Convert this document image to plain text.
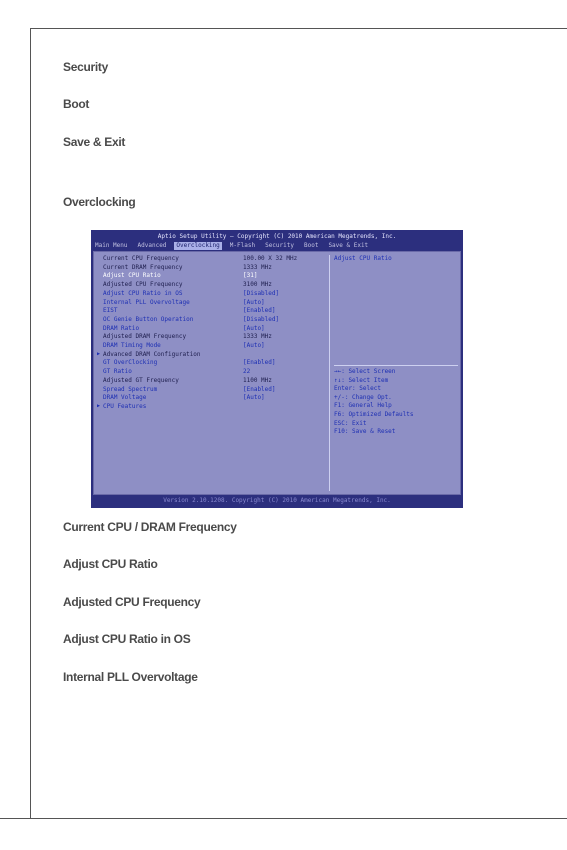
Security
Boot
Save & Exit
Overclocking
Aptio Setup Utility – Copyright (C) 2010 American Megatrends, Inc.
Main Menu	Advanced	Overclocking	M-Flash	Security	Boot	Save & Exit
Current CPU Frequency	100.00 X 32 MHz
Current DRAM Frequency	1333 MHz
Adjust CPU Ratio	[31]
Adjusted CPU Frequency	3100 MHz
Adjust CPU Ratio in OS	[Disabled]
Internal PLL Overvoltage	[Auto]
EIST	[Enabled]
OC Genie Button Operation	[Disabled]
DRAM Ratio	[Auto]
Adjusted DRAM Frequency	1333 MHz
DRAM Timing Mode	[Auto]
▶ Advanced DRAM Configuration
GT OverClocking	[Enabled]
GT Ratio	22
Adjusted GT Frequency	1100 MHz
Spread Spectrum	[Enabled]
DRAM Voltage	[Auto]
▶ CPU Features
Adjust CPU Ratio
→←: Select Screen
↑↓: Select Item
Enter: Select
+/-: Change Opt.
F1: General Help
F6: Optimized Defaults
ESC: Exit
F10: Save & Reset
Version 2.10.1208. Copyright (C) 2010 American Megatrends, Inc.
Current CPU / DRAM Frequency
Adjust CPU Ratio
Adjusted CPU Frequency
Adjust CPU Ratio in OS
Internal PLL Overvoltage
